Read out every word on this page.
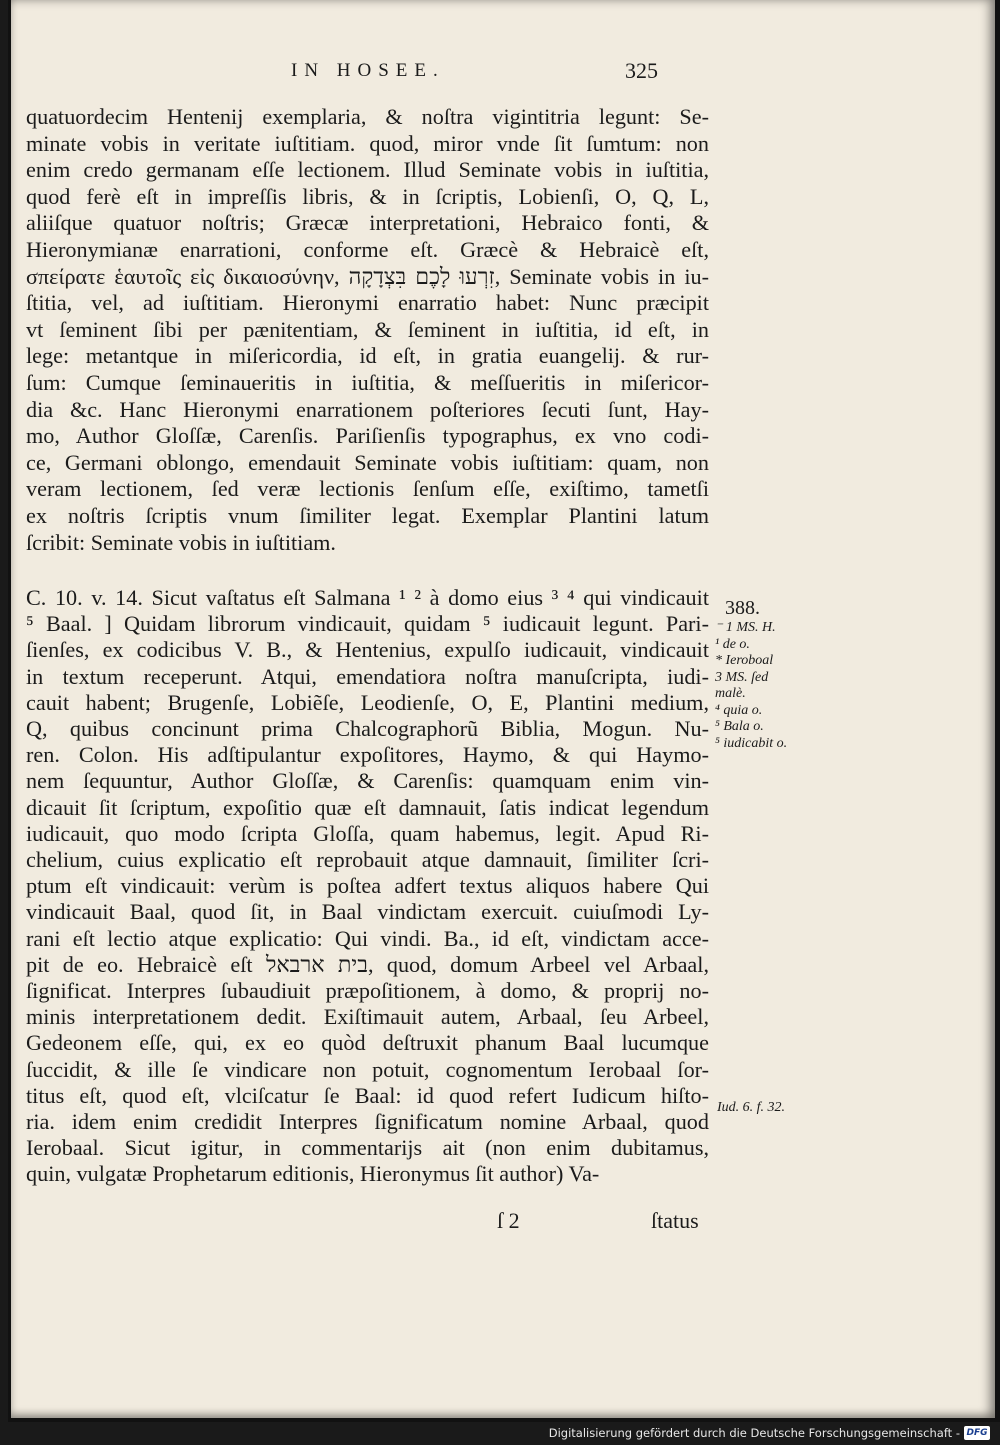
IN HOSEE.	325
quatuordecim Hentenij exemplaria, & noſtra vigintitria legunt: Se-
minate vobis in veritate iuſtitiam. quod, miror vnde ſit ſumtum: non
enim credo germanam eſſe lectionem. Illud Seminate vobis in iuſtitia,
quod ferè eſt in impreſſis libris, & in ſcriptis, Lobienſi, O, Q, L,
aliiſque quatuor noſtris; Græcæ interpretationi, Hebraico fonti, &
Hieronymianæ enarrationi, conforme eſt. Græcè & Hebraicè eſt,
σπείρατε ἑαυτοῖς εἰς δικαιοσύνην, זִרְעוּ לָכֶם בִּצְדָקָה, Seminate vobis in iu-
ſtitia, vel, ad iuſtitiam. Hieronymi enarratio habet: Nunc præcipit
vt ſeminent ſibi per pænitentiam, & ſeminent in iuſtitia, id eſt, in
lege: metantque in miſericordia, id eſt, in gratia euangelij. & rur-
ſum: Cumque ſeminaueritis in iuſtitia, & meſſueritis in miſericor-
dia &c. Hanc Hieronymi enarrationem poſteriores ſecuti ſunt, Hay-
mo, Author Gloſſæ, Carenſis. Pariſienſis typographus, ex vno codi-
ce, Germani oblongo, emendauit Seminate vobis iuſtitiam: quam, non
veram lectionem, ſed veræ lectionis ſenſum eſſe, exiſtimo, tametſi
ex noſtris ſcriptis vnum ſimiliter legat. Exemplar Plantini latum
ſcribit: Seminate vobis in iuſtitiam.
C. 10. v. 14. Sicut vaſtatus eſt Salmana ¹ ² à domo eius ³ ⁴ qui vindicauit
⁵ Baal. ] Quidam librorum vindicauit, quidam ⁵ iudicauit legunt. Pari-
ſienſes, ex codicibus V. B., & Hentenius, expulſo iudicauit, vindicauit
in textum receperunt. Atqui, emendatiora noſtra manuſcripta, iudi-
cauit habent; Brugenſe, Lobiẽſe, Leodienſe, O, E, Plantini medium,
Q, quibus concinunt prima Chalcographorũ Biblia, Mogun. Nu-
ren. Colon. His adſtipulantur expoſitores, Haymo, & qui Haymo-
nem ſequuntur, Author Gloſſæ, & Carenſis: quamquam enim vin-
dicauit ſit ſcriptum, expoſitio quæ eſt damnauit, ſatis indicat legendum
iudicauit, quo modo ſcripta Gloſſa, quam habemus, legit. Apud Ri-
chelium, cuius explicatio eſt reprobauit atque damnauit, ſimiliter ſcri-
ptum eſt vindicauit: verùm is poſtea adfert textus aliquos habere Qui
vindicauit Baal, quod ſit, in Baal vindictam exercuit. cuiuſmodi Ly-
rani eſt lectio atque explicatio: Qui vindi. Ba., id eſt, vindictam acce-
pit de eo. Hebraicè eſt בית ארבאל, quod, domum Arbeel vel Arbaal,
ſignificat. Interpres ſubaudiuit præpoſitionem, à domo, & proprij no-
minis interpretationem dedit. Exiſtimauit autem, Arbaal, ſeu Arbeel,
Gedeonem eſſe, qui, ex eo quòd deſtruxit phanum Baal lucumque
ſuccidit, & ille ſe vindicare non potuit, cognomentum Ierobaal ſor-
titus eſt, quod eſt, vlciſcatur ſe Baal: id quod refert Iudicum hiſto-
ria. idem enim credidit Interpres ſignificatum nomine Arbaal, quod
Ierobaal. Sicut igitur, in commentarijs ait (non enim dubitamus,
quin, vulgatæ Prophetarum editionis, Hieronymus ſit author) Va-
388.
⁻ 1 MS. H.
¹ de o.
* Ieroboal
3 MS. ſed
malè.
⁴ quia o.
⁵ Bala o.
⁵ iudicabit o.
Iud. 6. f. 32.
ſ 2	ſtatus
Digitalisierung gefördert durch die Deutsche Forschungsgemeinschaft - DFG
